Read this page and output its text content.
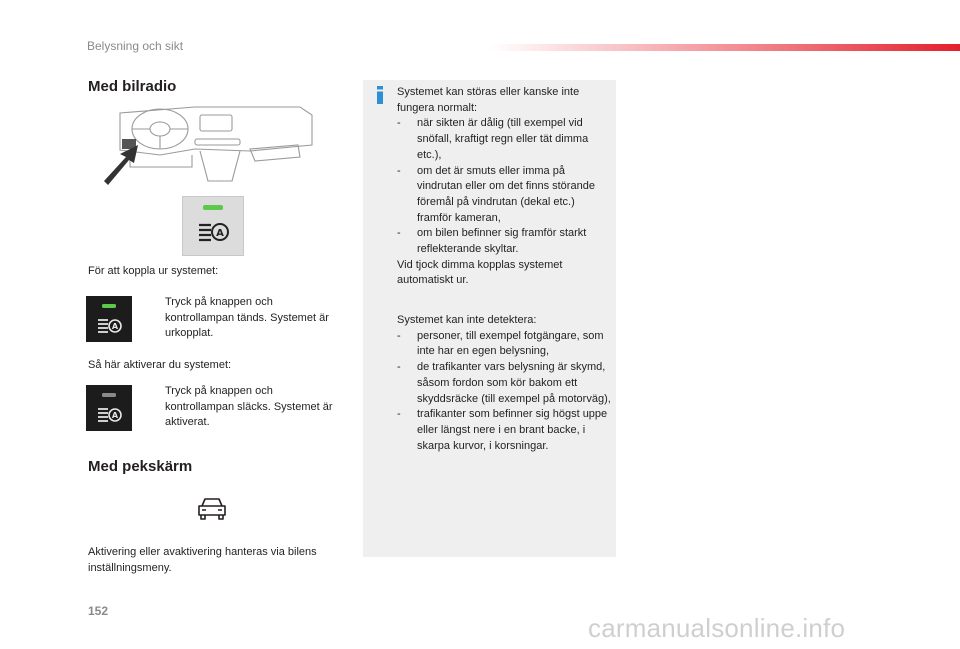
Belysning och sikt
Med bilradio
A
För att koppla ur systemet:
A
Tryck på knappen och kontrollampan tänds. Systemet är urkopplat.
Så här aktiverar du systemet:
A
Tryck på knappen och kontrollampan släcks. Systemet är aktiverat.
Med pekskärm
Aktivering eller avaktivering hanteras via bilens inställningsmeny.
Systemet kan störas eller kanske inte fungera normalt:
- när sikten är dålig (till exempel vid snöfall, kraftigt regn eller tät dimma etc.),
- om det är smuts eller imma på vindrutan eller om det finns störande föremål på vindrutan (dekal etc.) framför kameran,
- om bilen befinner sig framför starkt reflekterande skyltar.
Vid tjock dimma kopplas systemet automatiskt ur.
Systemet kan inte detektera:
- personer, till exempel fotgängare, som inte har en egen belysning,
- de trafikanter vars belysning är skymd, såsom fordon som kör bakom ett skyddsräcke (till exempel på motorväg),
- trafikanter som befinner sig högst uppe eller längst nere i en brant backe, i skarpa kurvor, i korsningar.
152
carmanualsonline.info
